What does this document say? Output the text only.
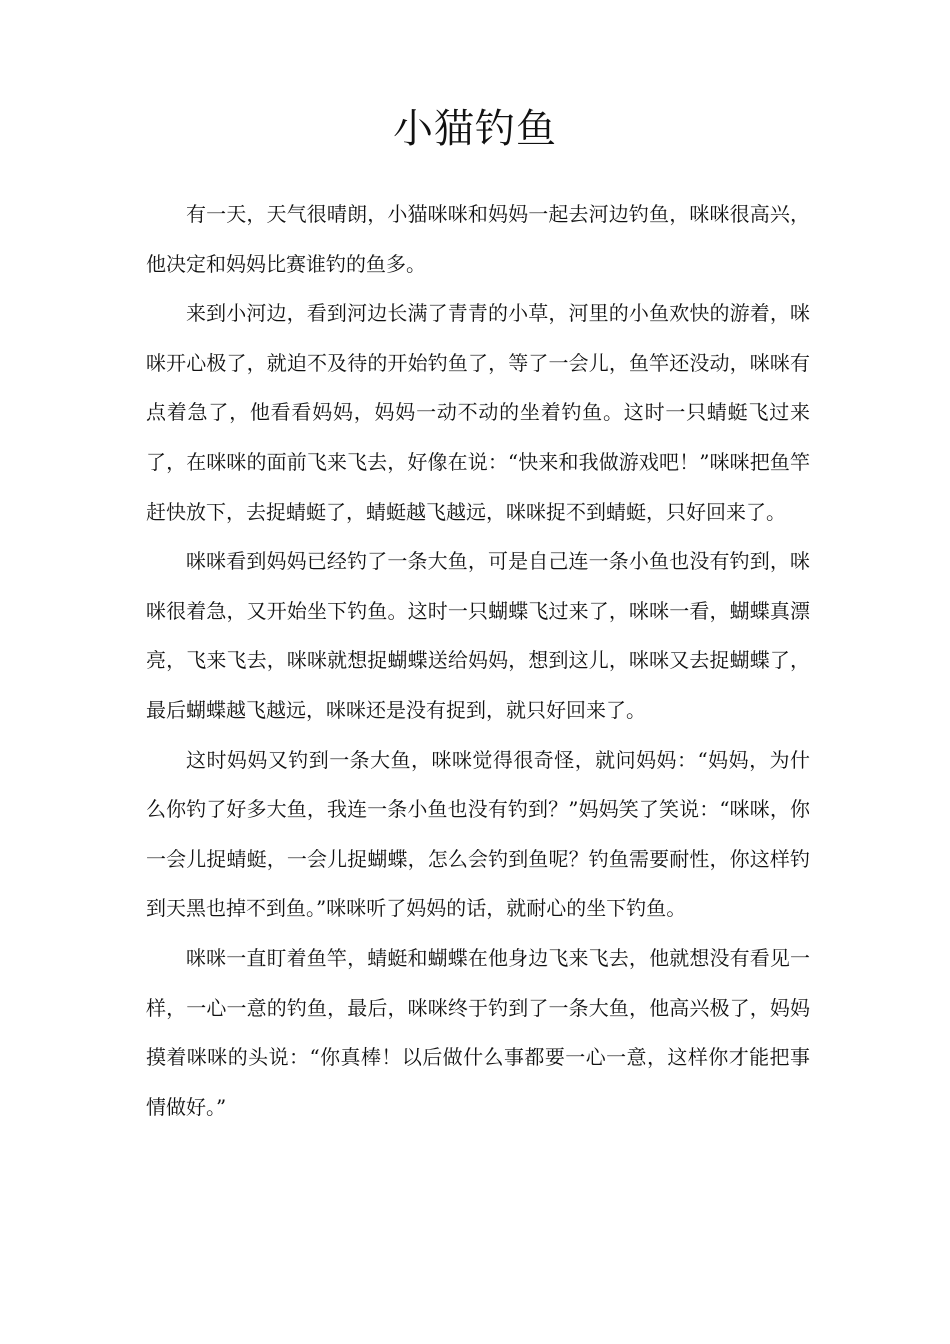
小猫钓鱼

有一天，天气很晴朗，小猫咪咪和妈妈一起去河边钓鱼，咪咪很高兴，他决定和妈妈比赛谁钓的鱼多。

来到小河边，看到河边长满了青青的小草，河里的小鱼欢快的游着，咪咪开心极了，就迫不及待的开始钓鱼了，等了一会儿，鱼竿还没动，咪咪有点着急了，他看看妈妈，妈妈一动不动的坐着钓鱼。这时一只蜻蜓飞过来了，在咪咪的面前飞来飞去，好像在说：“快来和我做游戏吧！”咪咪把鱼竿赶快放下，去捉蜻蜓了，蜻蜓越飞越远，咪咪捉不到蜻蜓，只好回来了。

咪咪看到妈妈已经钓了一条大鱼，可是自己连一条小鱼也没有钓到，咪咪很着急，又开始坐下钓鱼。这时一只蝴蝶飞过来了，咪咪一看，蝴蝶真漂亮，飞来飞去，咪咪就想捉蝴蝶送给妈妈，想到这儿，咪咪又去捉蝴蝶了，最后蝴蝶越飞越远，咪咪还是没有捉到，就只好回来了。

这时妈妈又钓到一条大鱼，咪咪觉得很奇怪，就问妈妈：“妈妈，为什么你钓了好多大鱼，我连一条小鱼也没有钓到？”妈妈笑了笑说：“咪咪，你一会儿捉蜻蜓，一会儿捉蝴蝶，怎么会钓到鱼呢？钓鱼需要耐性，你这样钓到天黑也掉不到鱼。”咪咪听了妈妈的话，就耐心的坐下钓鱼。

咪咪一直盯着鱼竿，蜻蜓和蝴蝶在他身边飞来飞去，他就想没有看见一样，一心一意的钓鱼，最后，咪咪终于钓到了一条大鱼，他高兴极了，妈妈摸着咪咪的头说：“你真棒！以后做什么事都要一心一意，这样你才能把事情做好。”
